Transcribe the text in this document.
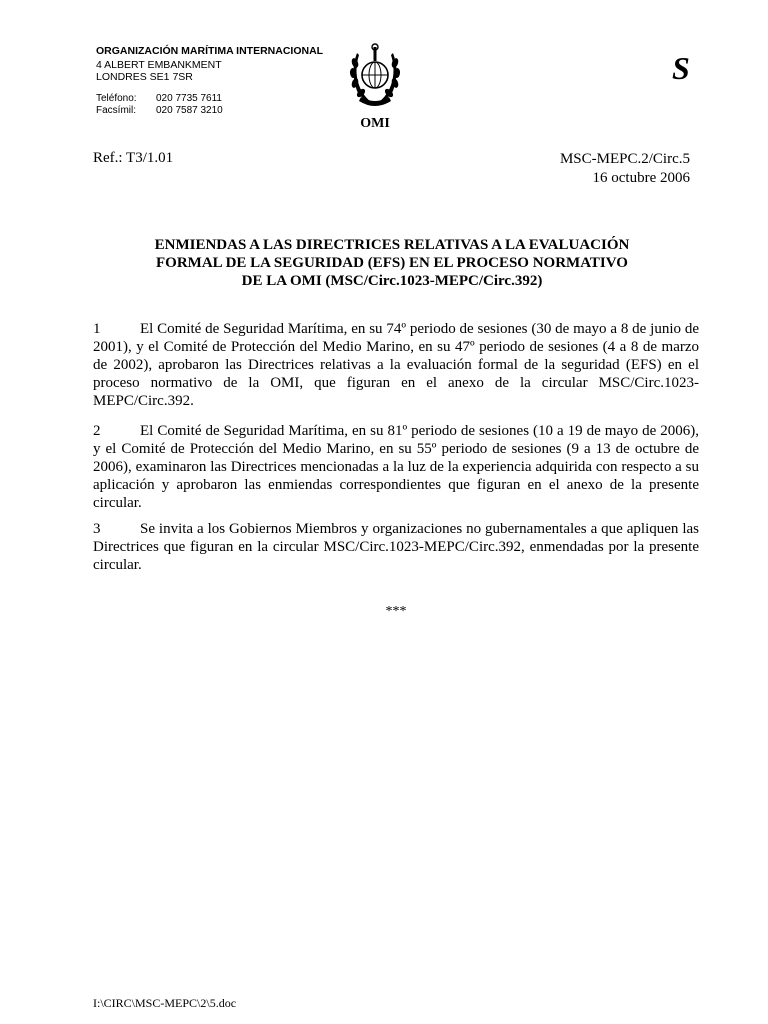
ORGANIZACIÓN MARÍTIMA INTERNACIONAL
4 ALBERT EMBANKMENT
LONDRES SE1 7SR
Teléfono: 020 7735 7611
Facsímil: 020 7587 3210
OMI
S
Ref.: T3/1.01	MSC-MEPC.2/Circ.5
16 octubre 2006
ENMIENDAS A LAS DIRECTRICES RELATIVAS A LA EVALUACIÓN
FORMAL DE LA SEGURIDAD (EFS) EN EL PROCESO NORMATIVO
DE LA OMI (MSC/Circ.1023-MEPC/Circ.392)
1	El Comité de Seguridad Marítima, en su 74º periodo de sesiones (30 de mayo a 8 de junio de 2001), y el Comité de Protección del Medio Marino, en su 47º periodo de sesiones (4 a 8 de marzo de 2002), aprobaron las Directrices relativas a la evaluación formal de la seguridad (EFS) en el proceso normativo de la OMI, que figuran en el anexo de la circular MSC/Circ.1023-MEPC/Circ.392.
2	El Comité de Seguridad Marítima, en su 81º periodo de sesiones (10 a 19 de mayo de 2006), y el Comité de Protección del Medio Marino, en su 55º periodo de sesiones (9 a 13 de octubre de 2006), examinaron las Directrices mencionadas a la luz de la experiencia adquirida con respecto a su aplicación y aprobaron las enmiendas correspondientes que figuran en el anexo de la presente circular.
3	Se invita a los Gobiernos Miembros y organizaciones no gubernamentales a que apliquen las Directrices que figuran en la circular MSC/Circ.1023-MEPC/Circ.392, enmendadas por la presente circular.
***
I:\CIRC\MSC-MEPC\2\5.doc
